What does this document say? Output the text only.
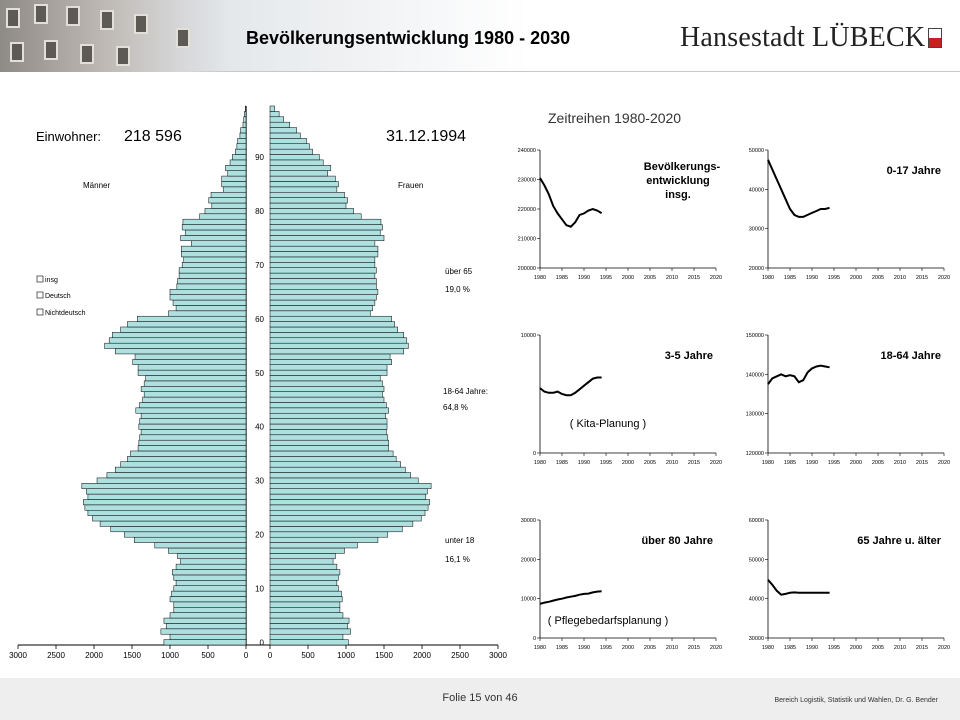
Bevölkerungsentwicklung 1980 - 2030	Hansestadt LÜBECK
0
10
20
30
40
50
60
70
80
90
3000	2500	2000	1500	1000	500	0 0	500	1000	1500	2000	2500	3000
Einwohner: 218 596	31.12.1994
Männer	Frauen
insg
Deutsch
Nichtdeutsch
über 65
19,0 %
18-64 Jahre:
64,8 %
unter 18
16,1 %
Zeitreihen 1980-2020
200000
210000
220000
230000
240000
1980 1985 1990 1995 2000 2005 2010 2015 2020
Bevölkerungs-
entwicklung
insg.
20000
30000
40000
50000
1980 1985 1990 1995 2000 2005 2010 2015 2020
0-17 Jahre
0
10000
1980 1985 1990 1995 2000 2005 2010 2015 2020
3-5 Jahre
( Kita-Planung )
120000
130000
140000
150000
1980 1985 1990 1995 2000 2005 2010 2015 2020
18-64 Jahre
0
10000
20000
30000
1980 1985 1990 1995 2000 2005 2010 2015 2020
über 80 Jahre
( Pflegebedarfsplanung )
30000
40000
50000
60000
1980 1985 1990 1995 2000 2005 2010 2015 2020
65 Jahre u. älter
Folie 15 von 46	Bereich Logistik, Statistik und Wahlen, Dr. G. Bender
